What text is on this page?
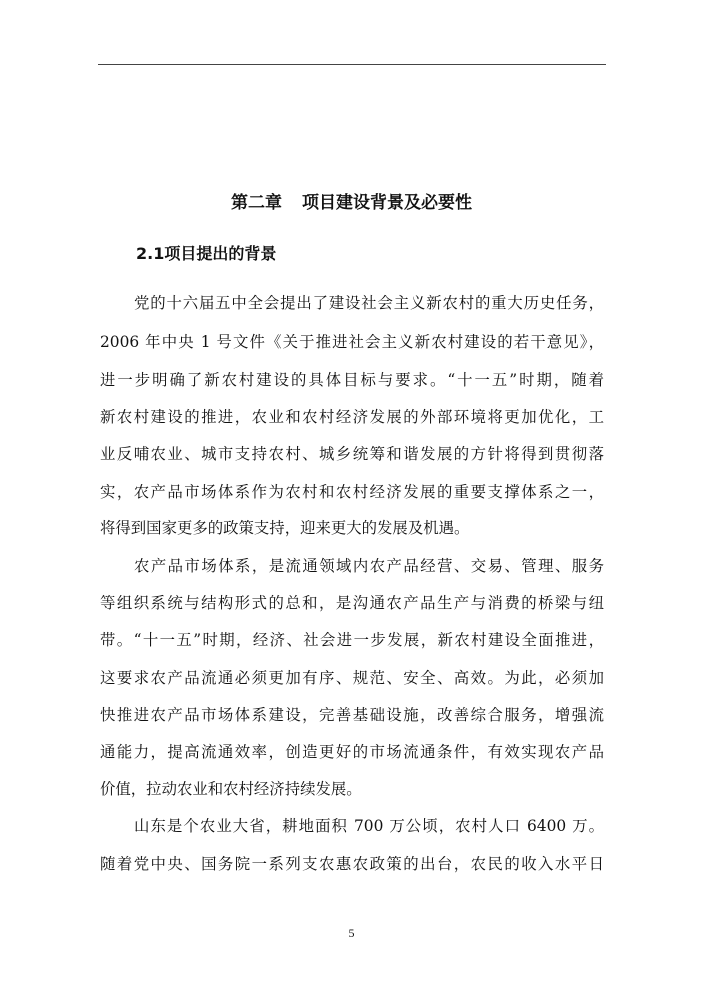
第二章 项目建设背景及必要性
2.1项目提出的背景
党的十六届五中全会提出了建设社会主义新农村的重大历史任务，
2006 年中央 1 号文件《关于推进社会主义新农村建设的若干意见》，
进一步明确了新农村建设的具体目标与要求。“十一五”时期，随着
新农村建设的推进，农业和农村经济发展的外部环境将更加优化，工
业反哺农业、城市支持农村、城乡统筹和谐发展的方针将得到贯彻落
实，农产品市场体系作为农村和农村经济发展的重要支撑体系之一，
将得到国家更多的政策支持，迎来更大的发展及机遇。
农产品市场体系，是流通领域内农产品经营、交易、管理、服务
等组织系统与结构形式的总和，是沟通农产品生产与消费的桥梁与纽
带。“十一五”时期，经济、社会进一步发展，新农村建设全面推进，
这要求农产品流通必须更加有序、规范、安全、高效。为此，必须加
快推进农产品市场体系建设，完善基础设施，改善综合服务，增强流
通能力，提高流通效率，创造更好的市场流通条件，有效实现农产品
价值，拉动农业和农村经济持续发展。
山东是个农业大省，耕地面积 700 万公顷，农村人口 6400 万。
随着党中央、国务院一系列支农惠农政策的出台，农民的收入水平日
5
